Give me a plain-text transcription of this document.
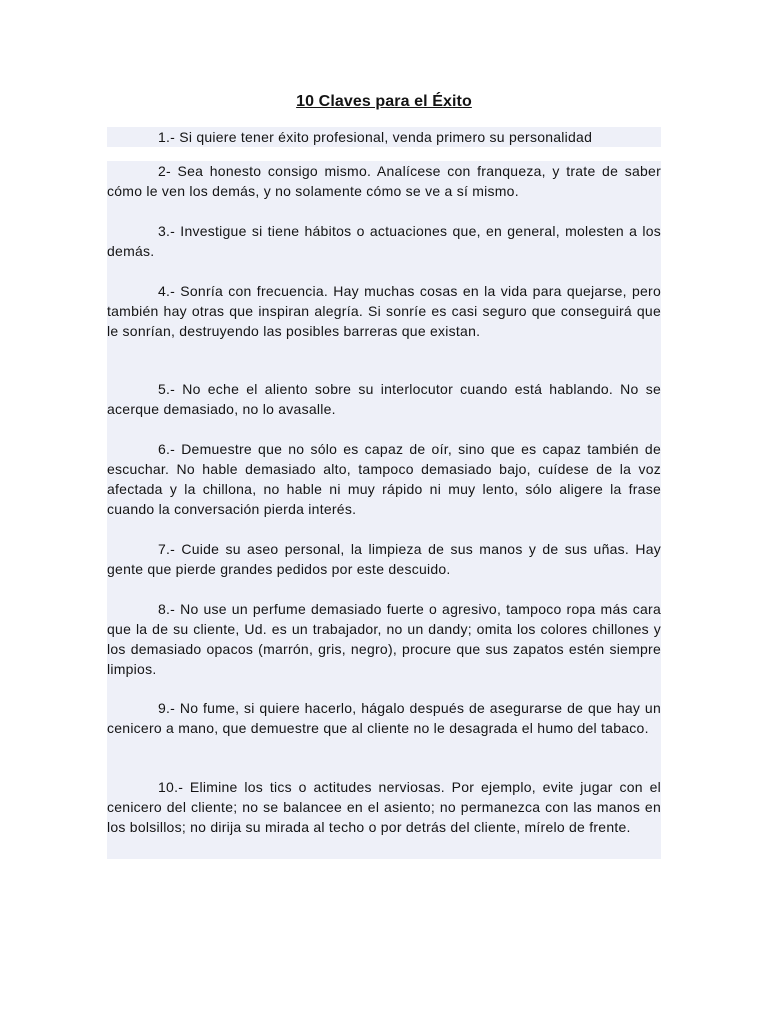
10 Claves para el Éxito
1.- Si quiere tener éxito profesional, venda primero su personalidad
2- Sea honesto consigo mismo. Analícese con franqueza, y trate de saber cómo le ven los demás, y no solamente cómo se ve a sí mismo.
3.- Investigue si tiene hábitos o actuaciones que, en general, molesten a los demás.
4.- Sonría con frecuencia. Hay muchas cosas en la vida para quejarse, pero también hay otras que inspiran alegría. Si sonríe es casi seguro que conseguirá que le sonrían, destruyendo las posibles barreras que existan.
5.- No eche el aliento sobre su interlocutor cuando está hablando. No se acerque demasiado, no lo avasalle.
6.- Demuestre que no sólo es capaz de oír, sino que es capaz también de escuchar. No hable demasiado alto, tampoco demasiado bajo, cuídese de la voz afectada y la chillona, no hable ni muy rápido ni muy lento, sólo aligere la frase cuando la conversación pierda interés.
7.- Cuide su aseo personal, la limpieza de sus manos y de sus uñas. Hay gente que pierde grandes pedidos por este descuido.
8.- No use un perfume demasiado fuerte o agresivo, tampoco ropa más cara que la de su cliente, Ud. es un trabajador, no un dandy; omita los colores chillones y los demasiado opacos (marrón, gris, negro), procure que sus zapatos estén siempre limpios.
9.- No fume, si quiere hacerlo, hágalo después de asegurarse de que hay un cenicero a mano, que demuestre que al cliente no le desagrada el humo del tabaco.
10.- Elimine los tics o actitudes nerviosas. Por ejemplo, evite jugar con el cenicero del cliente; no se balancee en el asiento; no permanezca con las manos en los bolsillos; no dirija su mirada al techo o por detrás del cliente, mírelo de frente.
